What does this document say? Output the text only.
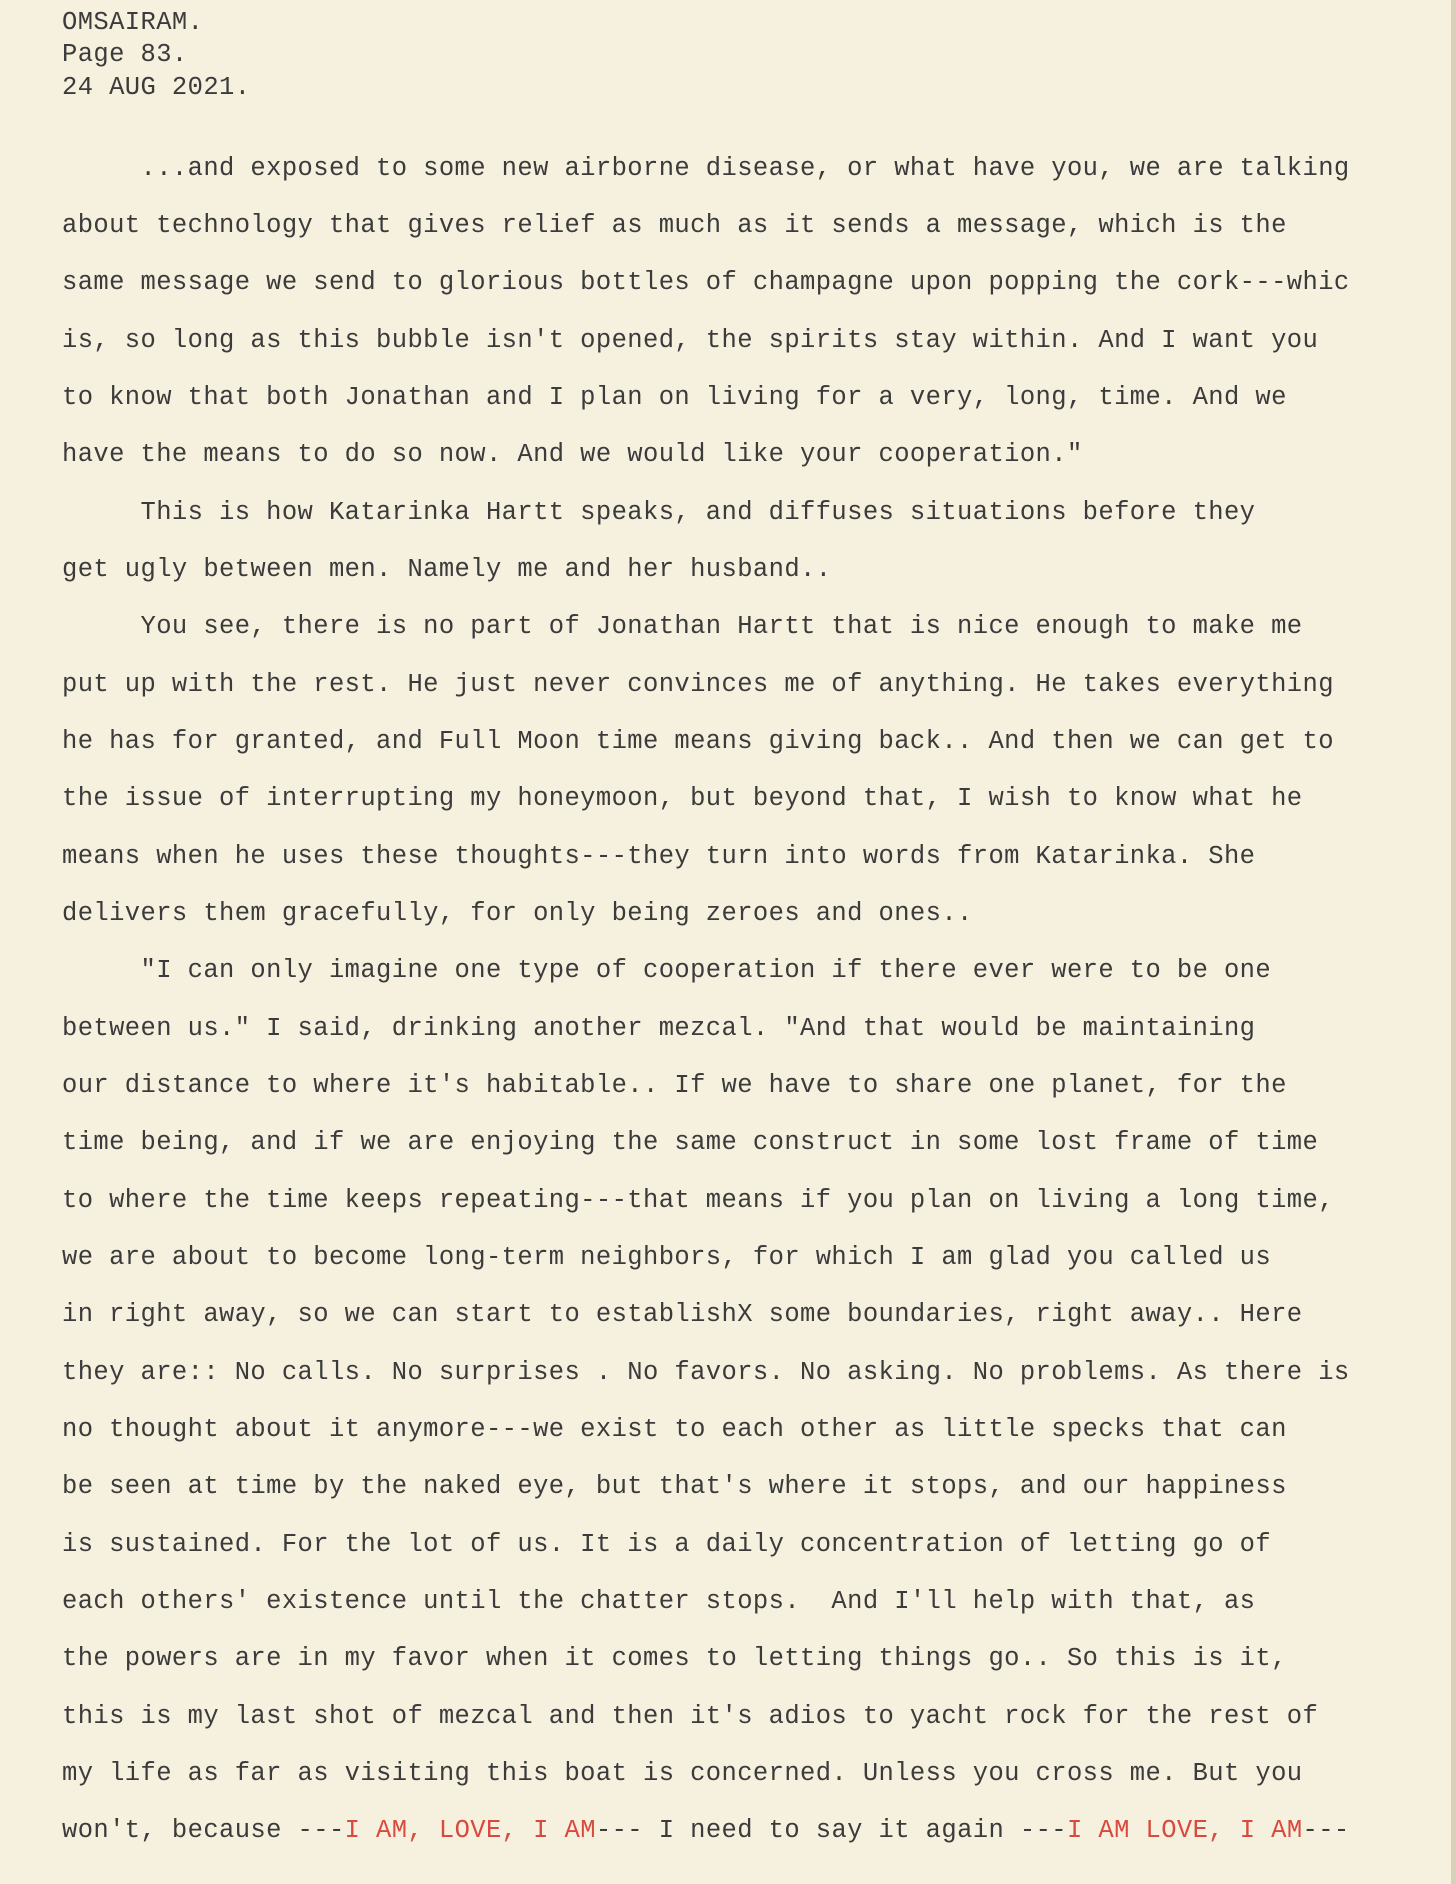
OMSAIRAM.
Page 83.
24 AUG 2021.
...and exposed to some new airborne disease, or what have you, we are talking
about technology that gives relief as much as it sends a message, which is the
same message we send to glorious bottles of champagne upon popping the cork---whic
is, so long as this bubble isn't opened, the spirits stay within. And I want you
to know that both Jonathan and I plan on living for a very, long, time. And we
have the means to do so now. And we would like your cooperation."
This is how Katarinka Hartt speaks, and diffuses situations before they
get ugly between men. Namely me and her husband..
You see, there is no part of Jonathan Hartt that is nice enough to make me
put up with the rest. He just never convinces me of anything. He takes everything
he has for granted, and Full Moon time means giving back.. And then we can get to
the issue of interrupting my honeymoon, but beyond that, I wish to know what he
means when he uses these thoughts---they turn into words from Katarinka. She
delivers them gracefully, for only being zeroes and ones..
"I can only imagine one type of cooperation if there ever were to be one
between us." I said, drinking another mezcal. "And that would be maintaining
our distance to where it's habitable.. If we have to share one planet, for the
time being, and if we are enjoying the same construct in some lost frame of time
to where the time keeps repeating---that means if you plan on living a long time,
we are about to become long-term neighbors, for which I am glad you called us
in right away, so we can start to establishX some boundaries, right away.. Here
they are:: No calls. No surprises . No favors. No asking. No problems. As there is
no thought about it anymore---we exist to each other as little specks that can
be seen at time by the naked eye, but that's where it stops, and our happiness
is sustained. For the lot of us. It is a daily concentration of letting go of
each others' existence until the chatter stops.  And I'll help with that, as
the powers are in my favor when it comes to letting things go.. So this is it,
this is my last shot of mezcal and then it's adios to yacht rock for the rest of
my life as far as visiting this boat is concerned. Unless you cross me. But you
won't, because ---I AM, LOVE, I AM--- I need to say it again ---I AM LOVE, I AM---
